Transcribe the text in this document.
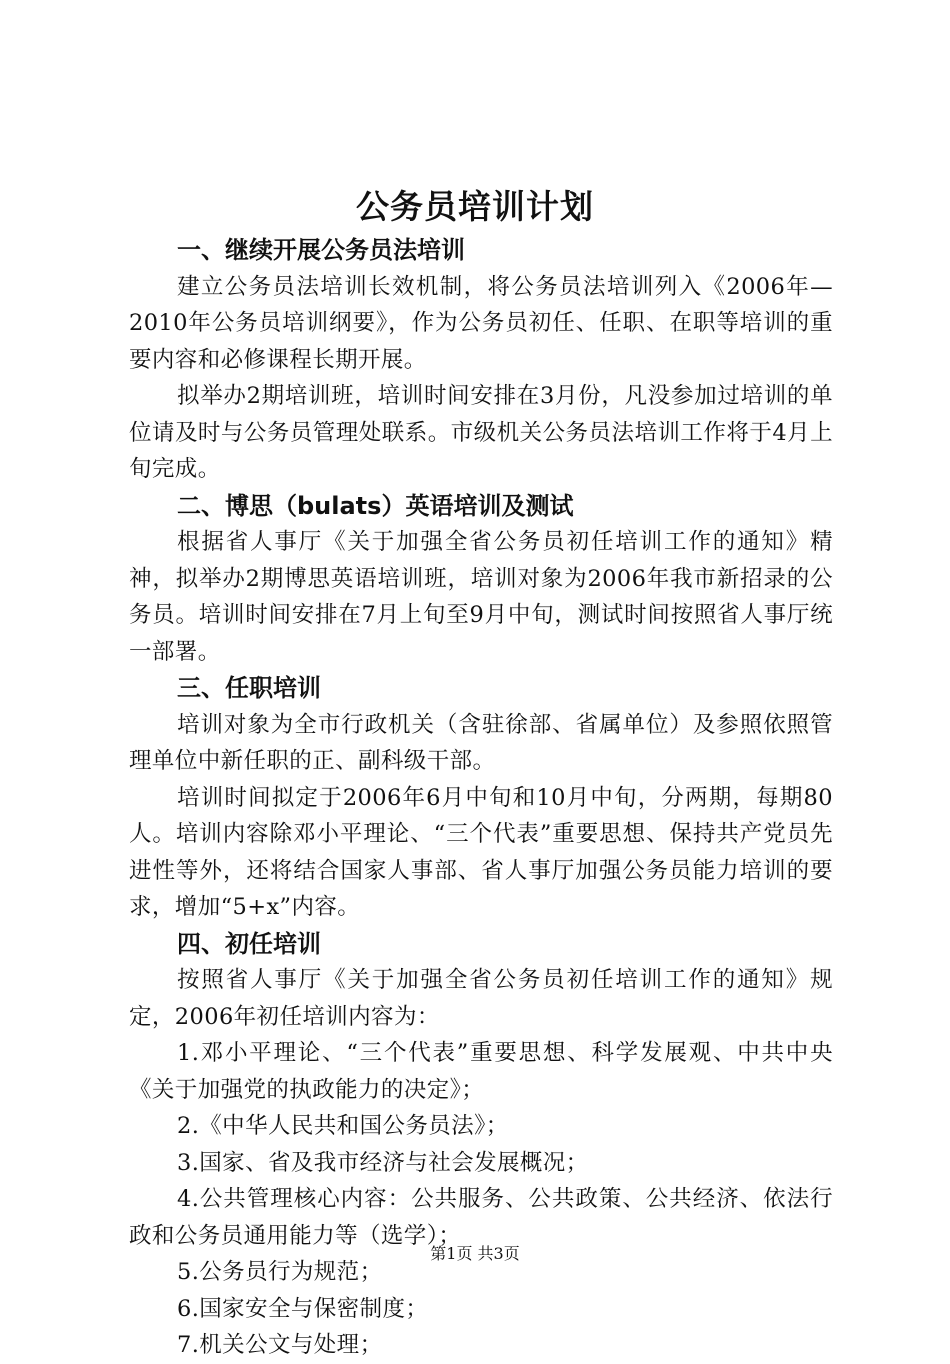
公务员培训计划
一、继续开展公务员法培训

建立公务员法培训长效机制，将公务员法培训列入《2006年—2010年公务员培训纲要》，作为公务员初任、任职、在职等培训的重要内容和必修课程长期开展。

拟举办2期培训班，培训时间安排在3月份，凡没参加过培训的单位请及时与公务员管理处联系。市级机关公务员法培训工作将于4月上旬完成。

二、博思（bulats）英语培训及测试

根据省人事厅《关于加强全省公务员初任培训工作的通知》精神，拟举办2期博思英语培训班，培训对象为2006年我市新招录的公务员。培训时间安排在7月上旬至9月中旬，测试时间按照省人事厅统一部署。

三、任职培训

培训对象为全市行政机关（含驻徐部、省属单位）及参照依照管理单位中新任职的正、副科级干部。

培训时间拟定于2006年6月中旬和10月中旬，分两期，每期80人。培训内容除邓小平理论、“三个代表”重要思想、保持共产党员先进性等外，还将结合国家人事部、省人事厅加强公务员能力培训的要求，增加“5+x”内容。

四、初任培训

按照省人事厅《关于加强全省公务员初任培训工作的通知》规定，2006年初任培训内容为：

1.邓小平理论、“三个代表”重要思想、科学发展观、中共中央《关于加强党的执政能力的决定》；

2.《中华人民共和国公务员法》；

3.国家、省及我市经济与社会发展概况；

4.公共管理核心内容：公共服务、公共政策、公共经济、依法行政和公务员通用能力等（选学）；

5.公务员行为规范；

6.国家安全与保密制度；

7.机关公文与处理；

第1页 共3页
